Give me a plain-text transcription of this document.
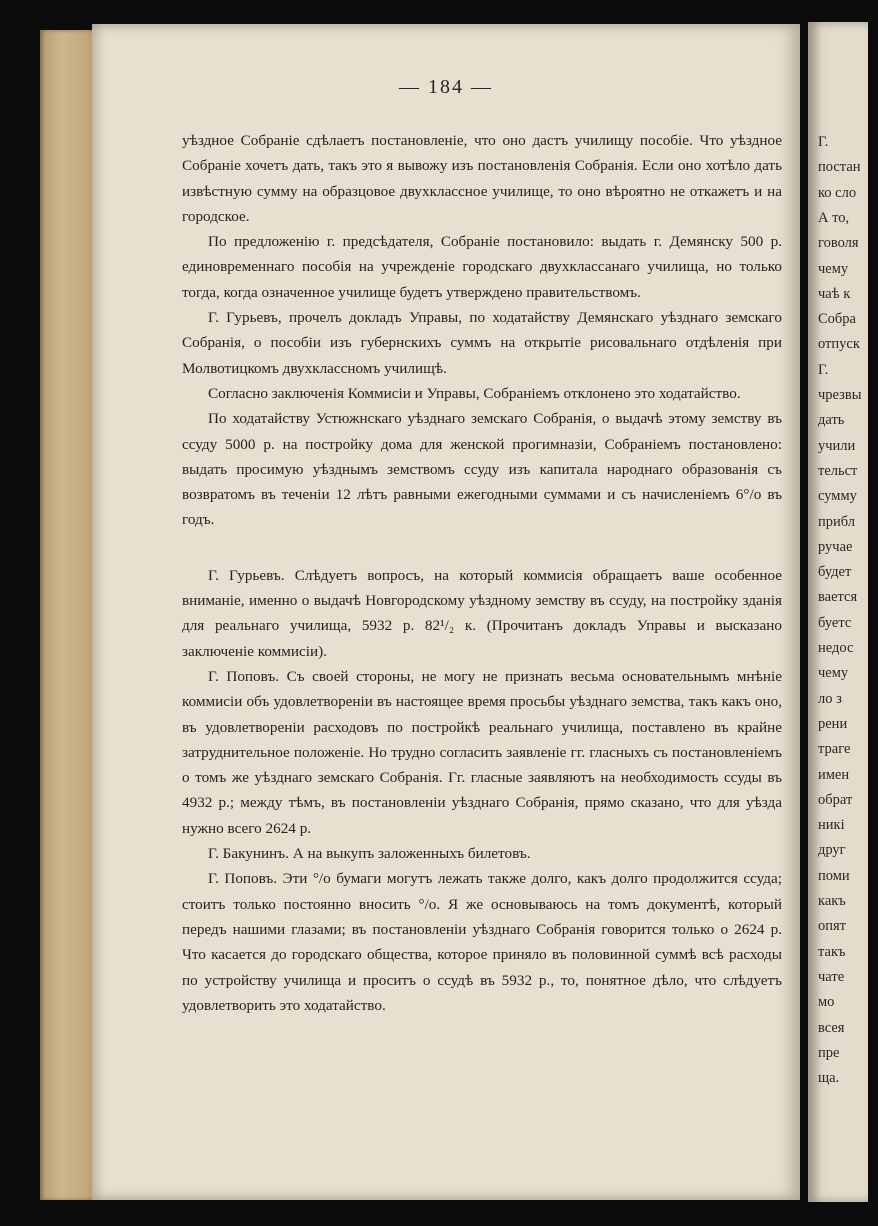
— 184 —

уѣздное Собраніе сдѣлаетъ постановленіе, что оно дастъ училищу пособіе. Что уѣздное Собраніе хочетъ дать, такъ это я вывожу изъ постановленія Собранія. Если оно хотѣло дать извѣстную сумму на образцовое двухклассное училище, то оно вѣроятно не откажетъ и на городское.

По предложенію г. предсѣдателя, Собраніе постановило: выдать г. Демянску 500 р. единовременнаго пособія на учрежденіе городскаго двухклассанаго училища, но только тогда, когда означенное училище будетъ утверждено правительствомъ.

Г. Гурьевъ, прочелъ докладъ Управы, по ходатайству Демянскаго уѣзднаго земскаго Собранія, о пособіи изъ губернскихъ суммъ на открытіе рисовальнаго отдѣленія при Молвотицкомъ двухклассномъ училищѣ.

Согласно заключенія Коммисіи и Управы, Собраніемъ отклонено это ходатайство.

По ходатайству Устюжнскаго уѣзднаго земскаго Собранія, о выдачѣ этому земству въ ссуду 5000 р. на постройку дома для женской прогимназіи, Собраніемъ постановлено: выдать просимую уѣзднымъ земствомъ ссуду изъ капитала народнаго образованія съ возвратомъ въ теченіи 12 лѣтъ равными ежегодными суммами и съ начисленіемъ 6°/o въ годъ.

Г. Гурьевъ. Слѣдуетъ вопросъ, на который коммисія обращаетъ ваше особенное вниманіе, именно о выдачѣ Новгородскому уѣздному земству въ ссуду, на постройку зданія для реальнаго училища, 5932 р. 82¹/₂ к. (Прочитанъ докладъ Управы и высказано заключеніе коммисіи).

Г. Поповъ. Съ своей стороны, не могу не признать весьма основательнымъ мнѣніе коммисіи объ удовлетвореніи въ настоящее время просьбы уѣзднаго земства, такъ какъ оно, въ удовлетвореніи расходовъ по постройкѣ реальнаго училища, поставлено въ крайне затруднительное положеніе. Но трудно согласить заявленіе гг. гласныхъ съ постановленіемъ о томъ же уѣзднаго земскаго Собранія. Гг. гласные заявляютъ на необходимость ссуды въ 4932 р.; между тѣмъ, въ постановленіи уѣзднаго Собранія, прямо сказано, что для уѣзда нужно всего 2624 р.

Г. Бакунинъ. А на выкупъ заложенныхъ билетовъ.

Г. Поповъ. Эти °/o бумаги могутъ лежать также долго, какъ долго продолжится ссуда; стоитъ только постоянно вносить °/o. Я же основываюсь на томъ документѣ, который передъ нашими глазами; въ постановленіи уѣзднаго Собранія говорится только о 2624 р. Что касается до городскаго общества, которое приняло въ половинной суммѣ всѣ расходы по устройству училища и проситъ о ссудѣ въ 5932 р., то, понятное дѣло, что слѣдуетъ удовлетворить это ходатайство.

Г.
постан
ко сло
А то,
говоля
чему
чаѣ к
Собра
отпуск
Г.
чрезвы
дать
учили
тельст
сумму
прибл
ручае
будет
вается
буетс
недос
чему
ло з
рени
траге
имен
обрат
никі
друг
поми
какъ
опят
такъ
чате
мо
всея
пре
ща.
